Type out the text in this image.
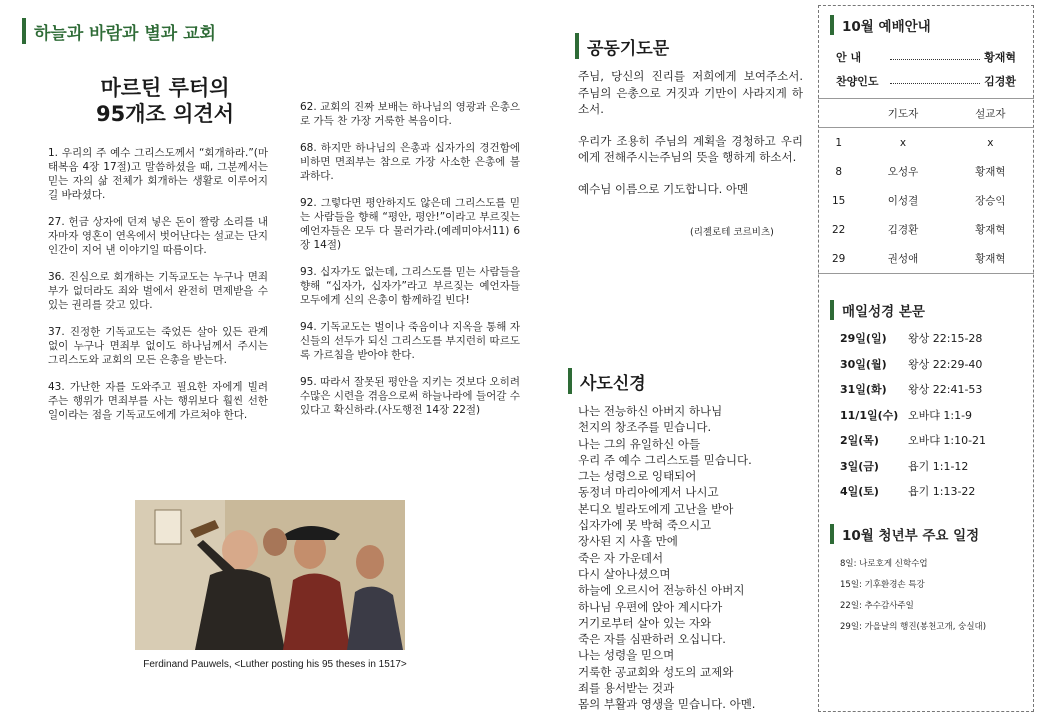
하늘과 바람과 별과 교회
마르틴 루터의
95개조 의견서

1. 우리의 주 예수 그리스도께서 “회개하라.”(마태복음 4장 17절)고 말씀하셨을 때, 그분께서는 믿는 자의 삶 전체가 회개하는 생활로 이루어지길 바라셨다.

27. 헌금 상자에 던져 넣은 돈이 짤랑 소리를 내자마자 영혼이 연옥에서 벗어난다는 설교는 단지 인간이 지어 낸 이야기일 따름이다.

36. 진심으로 회개하는 기독교도는 누구나 면죄부가 없더라도 죄와 벌에서 완전히 면제받을 수 있는 권리를 갖고 있다.

37. 진정한 기독교도는 죽었든 살아 있든 관계 없이 누구나 면죄부 없이도 하나님께서 주시는 그리스도와 교회의 모든 은총을 받는다.

43. 가난한 자를 도와주고 필요한 자에게 빌려 주는 행위가 면죄부를 사는 행위보다 훨씬 선한 일이라는 점을 기독교도에게 가르쳐야 한다.

62. 교회의 진짜 보배는 하나님의 영광과 은총으로 가득 찬 가장 거룩한 복음이다.

68. 하지만 하나님의 은총과 십자가의 경건함에 비하면 면죄부는 참으로 가장 사소한 은총에 불과하다.

92. 그렇다면 평안하지도 않은데 그리스도를 믿는 사람들을 향해 “평안, 평안!”이라고 부르짖는 예언자들은 모두 다 물러가라.(예레미야서11) 6장 14절)

93. 십자가도 없는데, 그리스도를 믿는 사람들을 향해 “십자가, 십자가”라고 부르짖는 예언자들 모두에게 신의 은총이 함께하길 빈다!

94. 기독교도는 벌이나 죽음이나 지옥을 통해 자신들의 선두가 되신 그리스도를 부지런히 따르도록 가르침을 받아야 한다.

95. 따라서 잘못된 평안을 지키는 것보다 오히려 수많은 시련을 겪음으로써 하늘나라에 들어갈 수 있다고 확신하라.(사도행전 14장 22절)

Ferdinand Pauwels, <Luther posting his 95 theses in 1517>
공동기도문

주님, 당신의 진리를 저희에게 보여주소서. 주님의 은총으로 거짓과 기만이 사라지게 하소서.

우리가 조용히 주님의 계획을 경청하고 우리에게 전해주시는주님의 뜻을 행하게 하소서.

예수님 이름으로 기도합니다. 아멘

(리젤로테 코르비츠)
사도신경
나는 전능하신 아버지 하나님
천지의 창조주를 믿습니다.
나는 그의 유일하신 아들
우리 주 예수 그리스도를 믿습니다.
그는 성령으로 잉태되어
동정녀 마리아에게서 나시고
본디오 빌라도에게 고난을 받아
십자가에 못 박혀 죽으시고
장사된 지 사흘 만에
죽은 자 가운데서
다시 살아나셨으며
하늘에 오르시어 전능하신 아버지
하나님 우편에 앉아 계시다가
거기로부터 살아 있는 자와
죽은 자를 심판하러 오십니다.
나는 성령을 믿으며
거룩한 공교회와 성도의 교제와
죄를 용서받는 것과
몸의 부활과 영생을 믿습니다. 아멘.
10월 예배안내
안 내	황재혁
찬양인도	김경환
	기도자	설교자
1	x	x
8	오성우	황재혁
15	이성결	장승익
22	김경환	황재혁
29	권성애	황재혁
매일성경 본문
29일(일)	왕상 22:15-28
30일(월)	왕상 22:29-40
31일(화)	왕상 22:41-53
11/1일(수) 오바댜 1:1-9
2일(목)	오바댜 1:10-21
3일(금)	욥기 1:1-12
4일(토)	욥기 1:13-22
10월 청년부 주요 일정
8일: 나로호게 신학수업
15일: 기후환경손 특강
22일: 추수감사주일
29일: 가을날의 행진(봉천고개, 숭실대)
